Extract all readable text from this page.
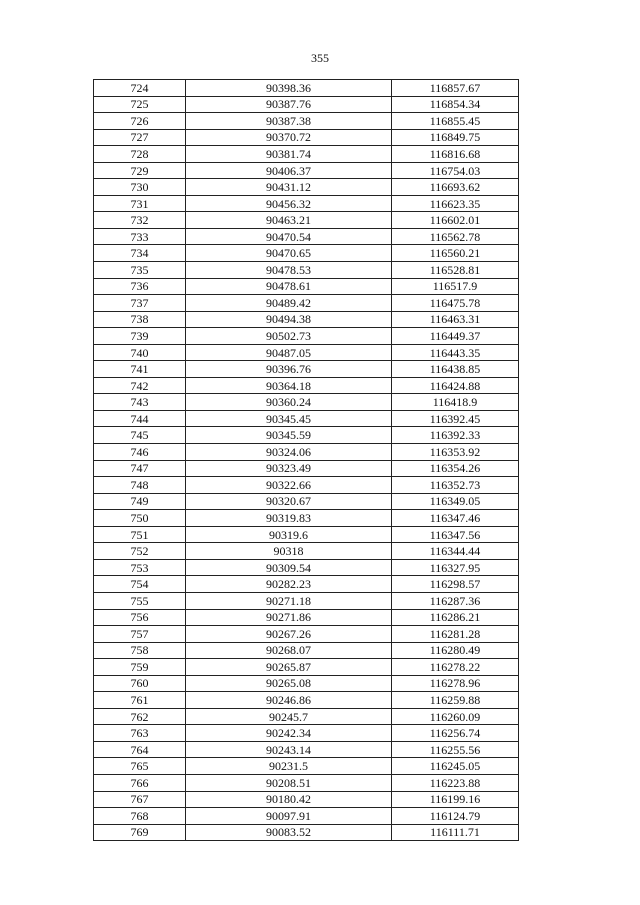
355
724	90398.36	116857.67
725	90387.76	116854.34
726	90387.38	116855.45
727	90370.72	116849.75
728	90381.74	116816.68
729	90406.37	116754.03
730	90431.12	116693.62
731	90456.32	116623.35
732	90463.21	116602.01
733	90470.54	116562.78
734	90470.65	116560.21
735	90478.53	116528.81
736	90478.61	116517.9
737	90489.42	116475.78
738	90494.38	116463.31
739	90502.73	116449.37
740	90487.05	116443.35
741	90396.76	116438.85
742	90364.18	116424.88
743	90360.24	116418.9
744	90345.45	116392.45
745	90345.59	116392.33
746	90324.06	116353.92
747	90323.49	116354.26
748	90322.66	116352.73
749	90320.67	116349.05
750	90319.83	116347.46
751	90319.6	116347.56
752	90318	116344.44
753	90309.54	116327.95
754	90282.23	116298.57
755	90271.18	116287.36
756	90271.86	116286.21
757	90267.26	116281.28
758	90268.07	116280.49
759	90265.87	116278.22
760	90265.08	116278.96
761	90246.86	116259.88
762	90245.7	116260.09
763	90242.34	116256.74
764	90243.14	116255.56
765	90231.5	116245.05
766	90208.51	116223.88
767	90180.42	116199.16
768	90097.91	116124.79
769	90083.52	116111.71
